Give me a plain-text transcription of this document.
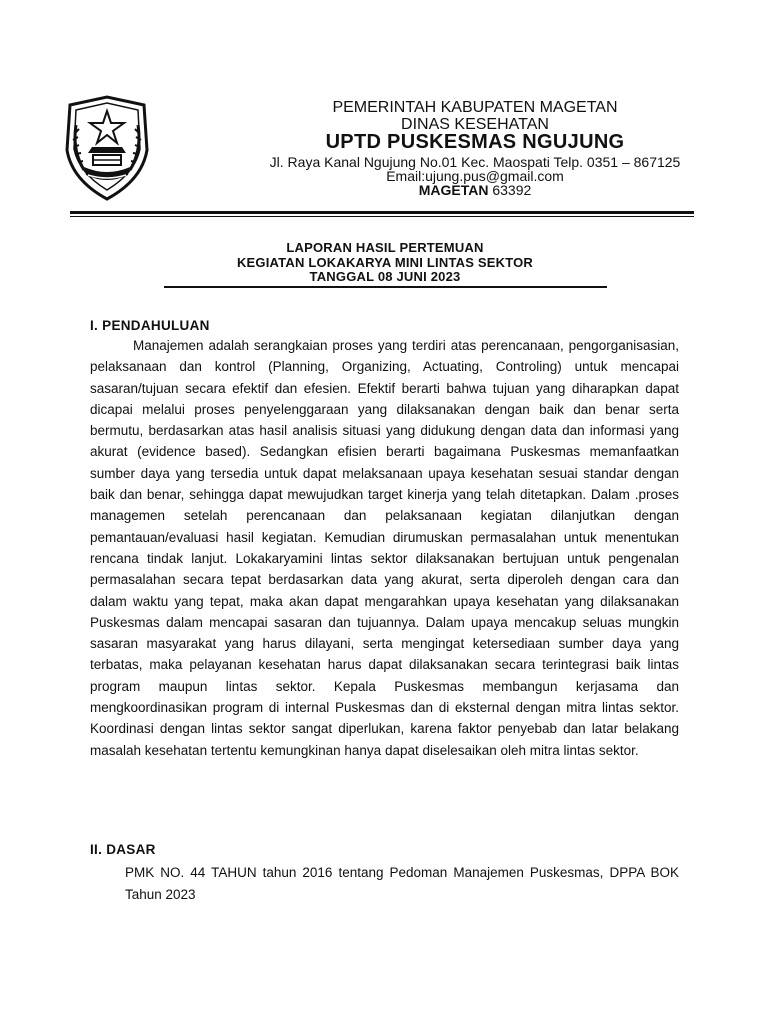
PEMERINTAH KABUPATEN MAGETAN
DINAS KESEHATAN
UPTD PUSKESMAS NGUJUNG
Jl. Raya Kanal Ngujung No.01 Kec. Maospati Telp. 0351 – 867125
Email:ujung.pus@gmail.com
MAGETAN 63392
LAPORAN HASIL PERTEMUAN
KEGIATAN LOKAKARYA MINI LINTAS SEKTOR
TANGGAL 08 JUNI 2023
I. PENDAHULUAN

Manajemen adalah serangkaian proses yang terdiri atas perencanaan, pengorganisasian, pelaksanaan dan kontrol (Planning, Organizing, Actuating, Controling) untuk mencapai sasaran/tujuan secara efektif dan efesien. Efektif berarti bahwa tujuan yang diharapkan dapat dicapai melalui proses penyelenggaraan yang dilaksanakan dengan baik dan benar serta bermutu, berdasarkan atas hasil analisis situasi yang didukung dengan data dan informasi yang akurat (evidence based). Sedangkan efisien berarti bagaimana Puskesmas memanfaatkan sumber daya yang tersedia untuk dapat melaksanaan upaya kesehatan sesuai standar dengan baik dan benar, sehingga dapat mewujudkan target kinerja yang telah ditetapkan. Dalam .proses managemen setelah perencanaan dan pelaksanaan kegiatan dilanjutkan dengan pemantauan/evaluasi hasil kegiatan. Kemudian dirumuskan permasalahan untuk menentukan rencana tindak lanjut. Lokakaryamini lintas sektor dilaksanakan bertujuan untuk pengenalan permasalahan secara tepat berdasarkan data yang akurat, serta diperoleh dengan cara dan dalam waktu yang tepat, maka akan dapat mengarahkan upaya kesehatan yang dilaksanakan Puskesmas dalam mencapai sasaran dan tujuannya. Dalam upaya mencakup seluas mungkin sasaran masyarakat yang harus dilayani, serta mengingat ketersediaan sumber daya yang terbatas, maka pelayanan kesehatan harus dapat dilaksanakan secara terintegrasi baik lintas program maupun lintas sektor. Kepala Puskesmas membangun kerjasama dan mengkoordinasikan program di internal Puskesmas dan di eksternal dengan mitra lintas sektor. Koordinasi dengan lintas sektor sangat diperlukan, karena faktor penyebab dan latar belakang masalah kesehatan tertentu kemungkinan hanya dapat diselesaikan oleh mitra lintas sektor.

II. DASAR

PMK NO. 44 TAHUN tahun 2016 tentang Pedoman Manajemen Puskesmas, DPPA BOK Tahun 2023
